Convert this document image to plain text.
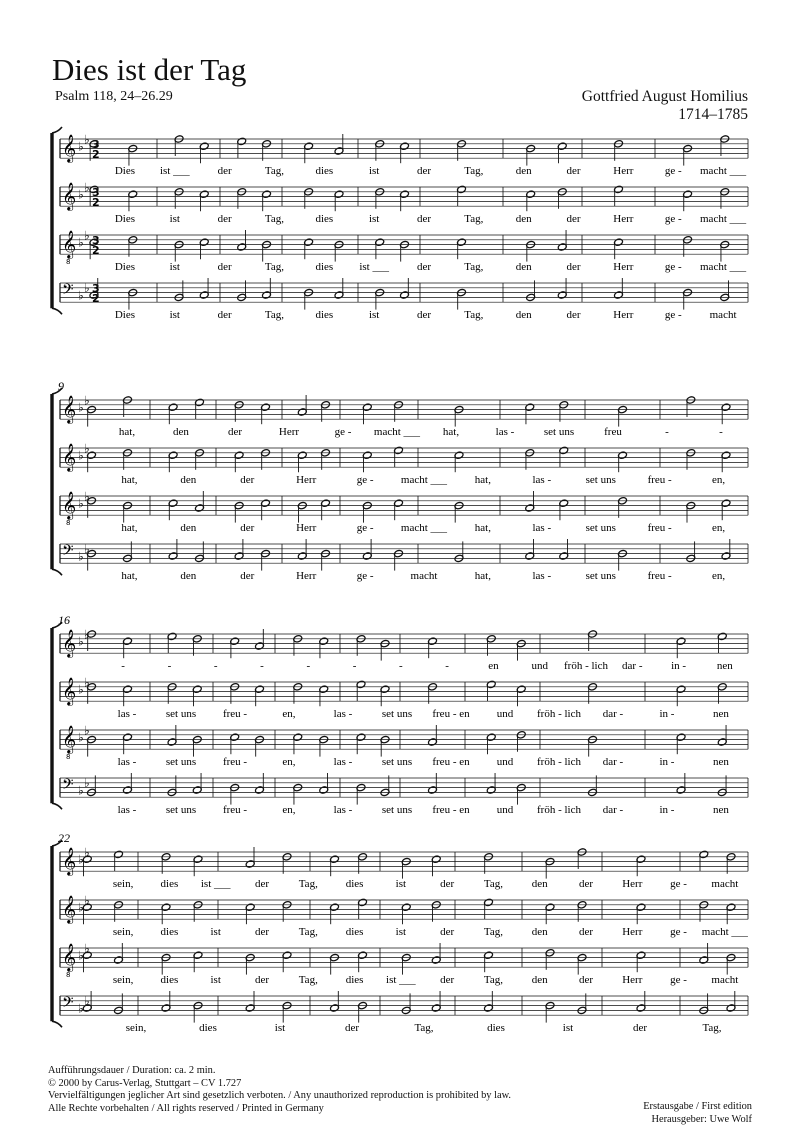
Dies ist der Tag
Psalm 118, 24–26.29	Gottfried August Homilius
1714–1785
𝄞 ♭
♭ 3
2
Dies ist ___	der	Tag,	dies	ist	der	Tag,	den	der	Herr	ge - macht ___
𝄞 ♭
♭ 3
2
Dies	ist	der	Tag,	dies	ist	der	Tag,	den	der	Herr	ge - macht ___
𝄞
8
♭
♭ 3
2
Dies	ist	der	Tag,	dies ist ___	der	Tag,	den	der	Herr	ge - macht ___
𝄢 ♭
♭ 3
2
Dies	ist	der	Tag,	dies	ist	der	Tag,	den	der	Herr	ge -	macht
9
𝄞 ♭
♭
hat,	den	der	Herr	ge - macht ___ hat,	las -	set uns	freu	-	-
𝄞 ♭
♭
hat,	den	der	Herr	ge - macht ___	hat,	las -	set uns	freu -	en,
𝄞
8
♭
♭
hat,	den	der	Herr	ge - macht ___	hat,	las -	set uns	freu -	en,
𝄢 ♭
♭
hat,	den	der	Herr	ge -	macht	hat,	las -	set uns	freu -	en,
16
𝄞 ♭
♭
-	-	-	-	-	-	-	-	en	und fröh - lich dar -	in -	nen
𝄞 ♭
♭
las -	set uns freu -	en,	las -	set uns freu - en und fröh - lich dar -	in -	nen
𝄞
8
♭
♭
las -	set uns freu -	en,	las -	set uns freu - en und fröh - lich dar -	in -	nen
𝄢 ♭
♭
las -	set uns freu -	en,	las -	set uns freu - en und fröh - lich dar -	in -	nen
22
𝄞 ♭
♭
sein, dies ist ___ der	Tag,	dies	ist	der	Tag,	den	der	Herr	ge - macht
𝄞 ♭
♭
sein, dies	ist	der	Tag,	dies	ist	der	Tag,	den	der	Herr	ge - macht ___
𝄞
8
♭
♭
sein, dies	ist	der	Tag,	dies ist ___ der	Tag,	den	der	Herr	ge - macht
𝄢 ♭
♭
sein,	dies	ist	der	Tag,	dies	ist	der	Tag,
Aufführungsdauer / Duration: ca. 2 min.
© 2000 by Carus-Verlag, Stuttgart – CV 1.727
Vervielfältigungen jeglicher Art sind gesetzlich verboten. / Any unauthorized reproduction is prohibited by law.
Alle Rechte vorbehalten / All rights reserved / Printed in Germany	Erstausgabe / First edition
Herausgeber: Uwe Wolf
